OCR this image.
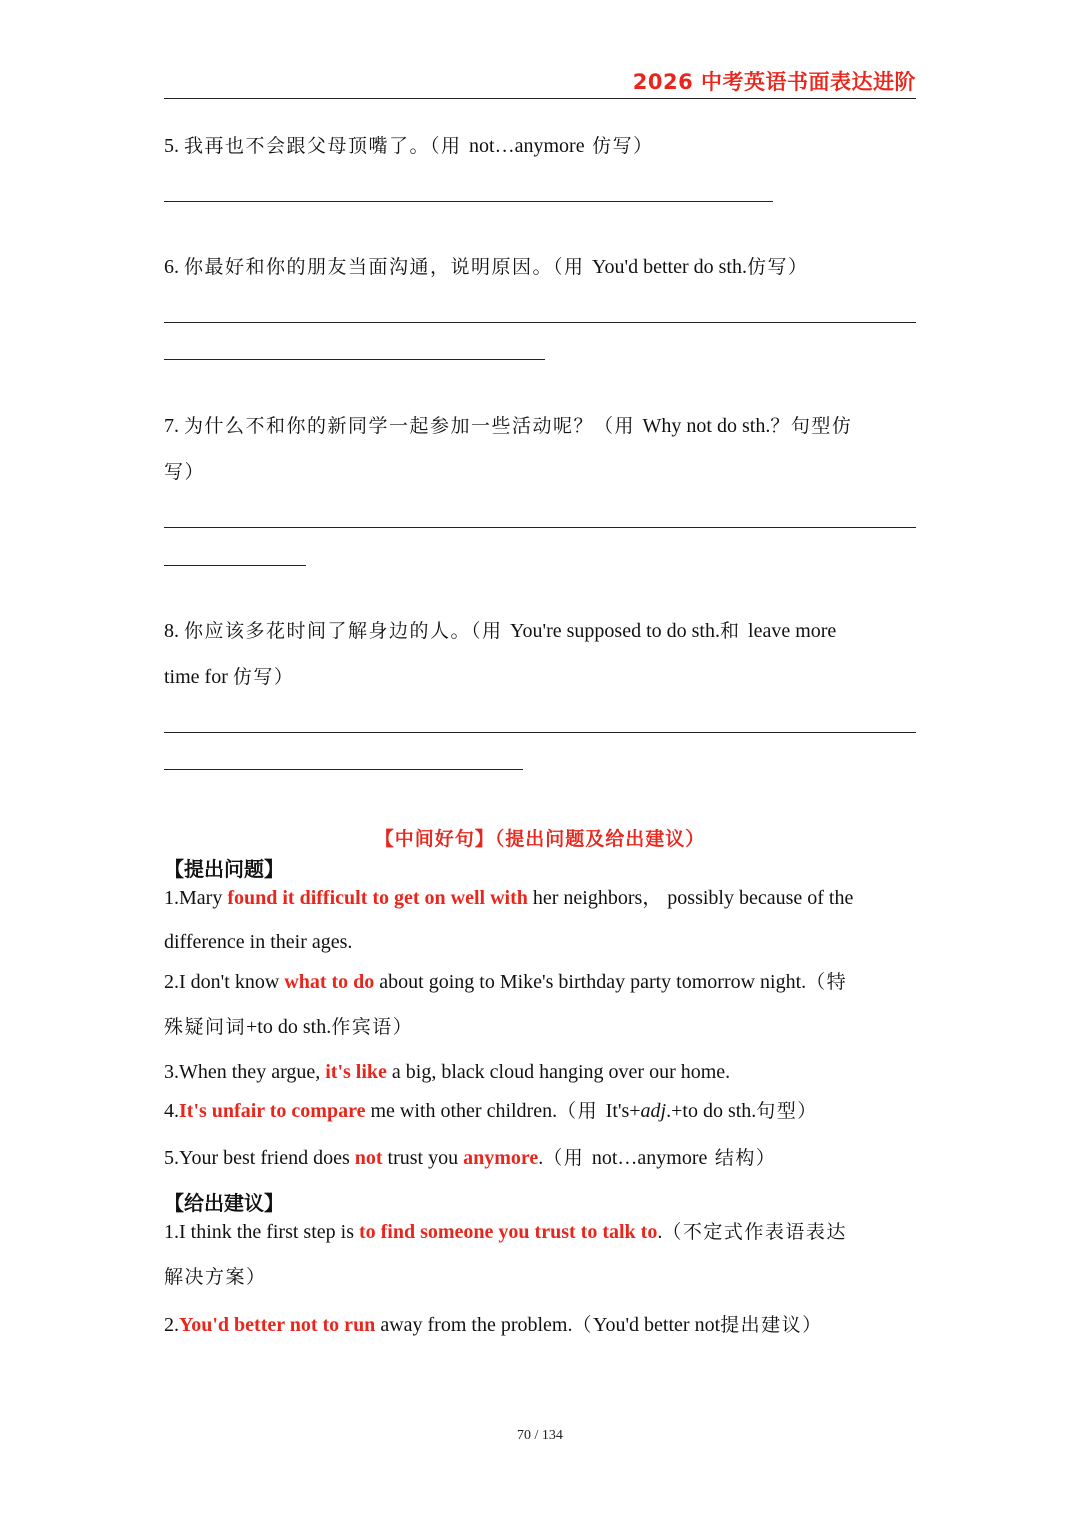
2026 中考英语书面表达进阶
5. 我再也不会跟父母顶嘴了。（用 not…anymore 仿写）
6. 你最好和你的朋友当面沟通，说明原因。（用 You'd better do sth.仿写）
7. 为什么不和你的新同学一起参加一些活动呢？（用 Why not do sth.？句型仿
写）
8. 你应该多花时间了解身边的人。（用 You're supposed to do sth.和 leave more
time for 仿写）
【中间好句】（提出问题及给出建议）
【提出问题】
1.Mary found it difficult to get on well with her neighbors， possibly because of the
difference in their ages.
2.I don't know what to do about going to Mike's birthday party tomorrow night.（特
殊疑问词+to do sth.作宾语）
3.When they argue, it's like a big, black cloud hanging over our home.
4.It's unfair to compare me with other children.（用 It's+adj.+to do sth.句型）
5.Your best friend does not trust you anymore.（用 not…anymore 结构）
【给出建议】
1.I think the first step is to find someone you trust to talk to.（不定式作表语表达
解决方案）
2.You'd better not to run away from the problem.（You'd better not提出建议）
70 / 134
